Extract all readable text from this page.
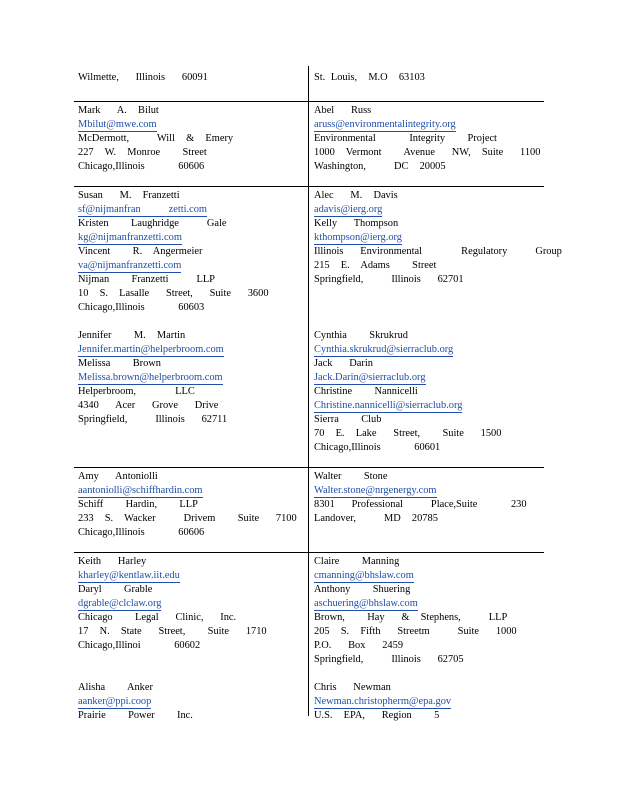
Wilmette,   Illinois   60091	St. Louis,  M.O  63103
Mark   A.  Bilut
Mbilut@mwe.com
McDermott,     Will  &  Emery
227  W.  Monroe    Street
Chicago,Illinois      60606
Abel   Russ
aruss@environmentalintegrity.org
Environmental      Integrity    Project
1000  Vermont    Avenue   NW,  Suite   1100
Washington,     DC  20005
Susan   M.  Franzetti
sf@nijmanfran     zetti.com
Kristen    Laughridge     Gale
kg@nijmanfranzetti.com
Vincent    R.  Angermeier
va@nijmanfranzetti.com
Nijman    Franzetti     LLP
10  S.  Lasalle   Street,   Suite   3600
Chicago,Illinois      60603
Jennifer    M.  Martin
Jennifer.martin@helperbroom.com
Melissa    Brown
Melissa.brown@helperbroom.com
Helperbroom,       LLC
4340   Acer   Grove   Drive
Springfield,     Illinois   62711
Alec   M.  Davis
adavis@ierg.org
Kelly   Thompson
kthompson@ierg.org
Illinois   Environmental       Regulatory     Group
215  E.  Adams    Street
Springfield,     Illinois   62701
Cynthia    Skrukrud
Cynthia.skrukrud@sierraclub.org
Jack   Darin
Jack.Darin@sierraclub.org
Christine    Nannicelli
Christine.nannicelli@sierraclub.org
Sierra    Club
70  E.  Lake   Street,    Suite   1500
Chicago,Illinois      60601
Amy   Antoniolli
aantoniolli@schiffhardin.com
Schiff    Hardin,    LLP
233  S.  Wacker     Drivem    Suite   7100
Chicago,Illinois      60606
Walter    Stone
Walter.stone@nrgenergy.com
8301   Professional     Place,Suite      230
Landover,     MD  20785
Keith   Harley
kharley@kentlaw.iit.edu
Daryl    Grable
dgrable@clclaw.org
Chicago    Legal   Clinic,   Inc.
17  N.  State   Street,    Suite   1710
Chicago,Illinoi      60602
Alisha    Anker
aanker@ppi.coop
Prairie    Power    Inc.
Claire    Manning
cmanning@bhslaw.com
Anthony    Shuering
aschuering@bhslaw.com
Brown,    Hay   &  Stephens,     LLP
205  S.  Fifth   Streetm     Suite   1000
P.O.   Box   2459
Springfield,     Illinois   62705
Chris   Newman
Newman.christopherm@epa.gov
U.S.  EPA,   Region    5
